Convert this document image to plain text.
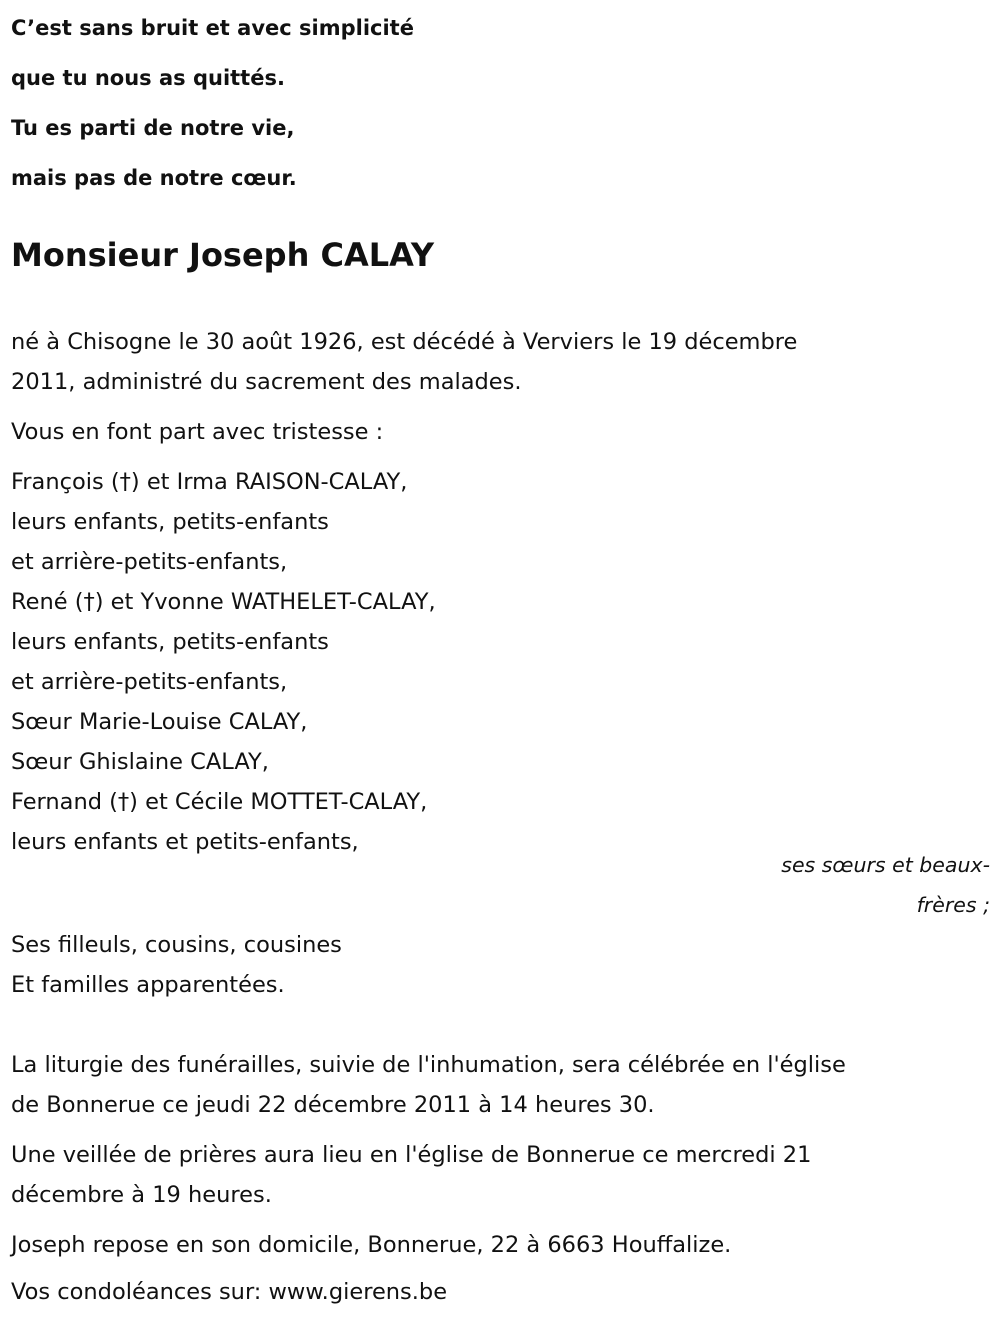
C’est sans bruit et avec simplicité
que tu nous as quittés.
Tu es parti de notre vie,
mais pas de notre cœur.
Monsieur Joseph CALAY
né à Chisogne le 30 août 1926, est décédé à Verviers le 19 décembre
2011, administré du sacrement des malades.
Vous en font part avec tristesse :
François (†) et Irma RAISON-CALAY,
leurs enfants, petits-enfants
et arrière-petits-enfants,
René (†) et Yvonne WATHELET-CALAY,
leurs enfants, petits-enfants
et arrière-petits-enfants,
Sœur Marie-Louise CALAY,
Sœur Ghislaine CALAY,
Fernand (†) et Cécile MOTTET-CALAY,
leurs enfants et petits-enfants,
ses sœurs et beaux-
frères ;
Ses filleuls, cousins, cousines
Et familles apparentées.
La liturgie des funérailles, suivie de l'inhumation, sera célébrée en l'église
de Bonnerue ce jeudi 22 décembre 2011 à 14 heures 30.
Une veillée de prières aura lieu en l'église de Bonnerue ce mercredi 21
décembre à 19 heures.
Joseph repose en son domicile, Bonnerue, 22 à 6663 Houffalize.
Vos condoléances sur: www.gierens.be
